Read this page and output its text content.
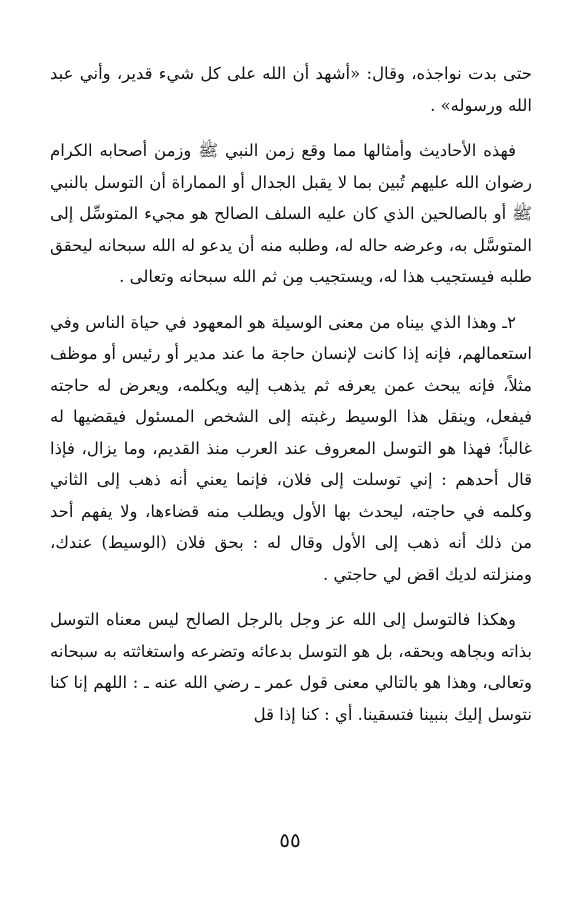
حتى بدت نواجذه، وقال: «أشهد أن الله على كل شيء قدير، وأني عبد الله ورسوله» .

فهذه الأحاديث وأمثالها مما وقع زمن النبي ﷺ وزمن أصحابه الكرام رضوان الله عليهم تُبين بما لا يقبل الجدال أو المماراة أن التوسل بالنبي ﷺ أو بالصالحين الذي كان عليه السلف الصالح هو مجيء المتوسِّل إلى المتوسَّل به، وعرضه حاله له، وطلبه منه أن يدعو له الله سبحانه ليحقق طلبه فيستجيب هذا له، ويستجيب مِن ثم الله سبحانه وتعالى .

٢ـ وهذا الذي بيناه من معنى الوسيلة هو المعهود في حياة الناس وفي استعمالهم، فإنه إذا كانت لإنسان حاجة ما عند مدير أو رئيس أو موظف مثلاً، فإنه يبحث عمن يعرفه ثم يذهب إليه ويكلمه، ويعرض له حاجته فيفعل، وينقل هذا الوسيط رغبته إلى الشخص المسئول فيقضيها له غالباً؛ فهذا هو التوسل المعروف عند العرب منذ القديم، وما يزال، فإذا قال أحدهم : إني توسلت إلى فلان، فإنما يعني أنه ذهب إلى الثاني وكلمه في حاجته، ليحدث بها الأول ويطلب منه قضاءها، ولا يفهم أحد من ذلك أنه ذهب إلى الأول وقال له : بحق فلان (الوسيط) عندك، ومنزلته لديك اقض لي حاجتي .

وهكذا فالتوسل إلى الله عز وجل بالرجل الصالح ليس معناه التوسل بذاته وبجاهه وبحقه، بل هو التوسل بدعائه وتضرعه واستغاثته به سبحانه وتعالى، وهذا هو بالتالي معنى قول عمر ـ رضي الله عنه ـ : اللهم إنا كنا نتوسل إليك بنبينا فتسقينا. أي : كنا إذا قل

٥٥
